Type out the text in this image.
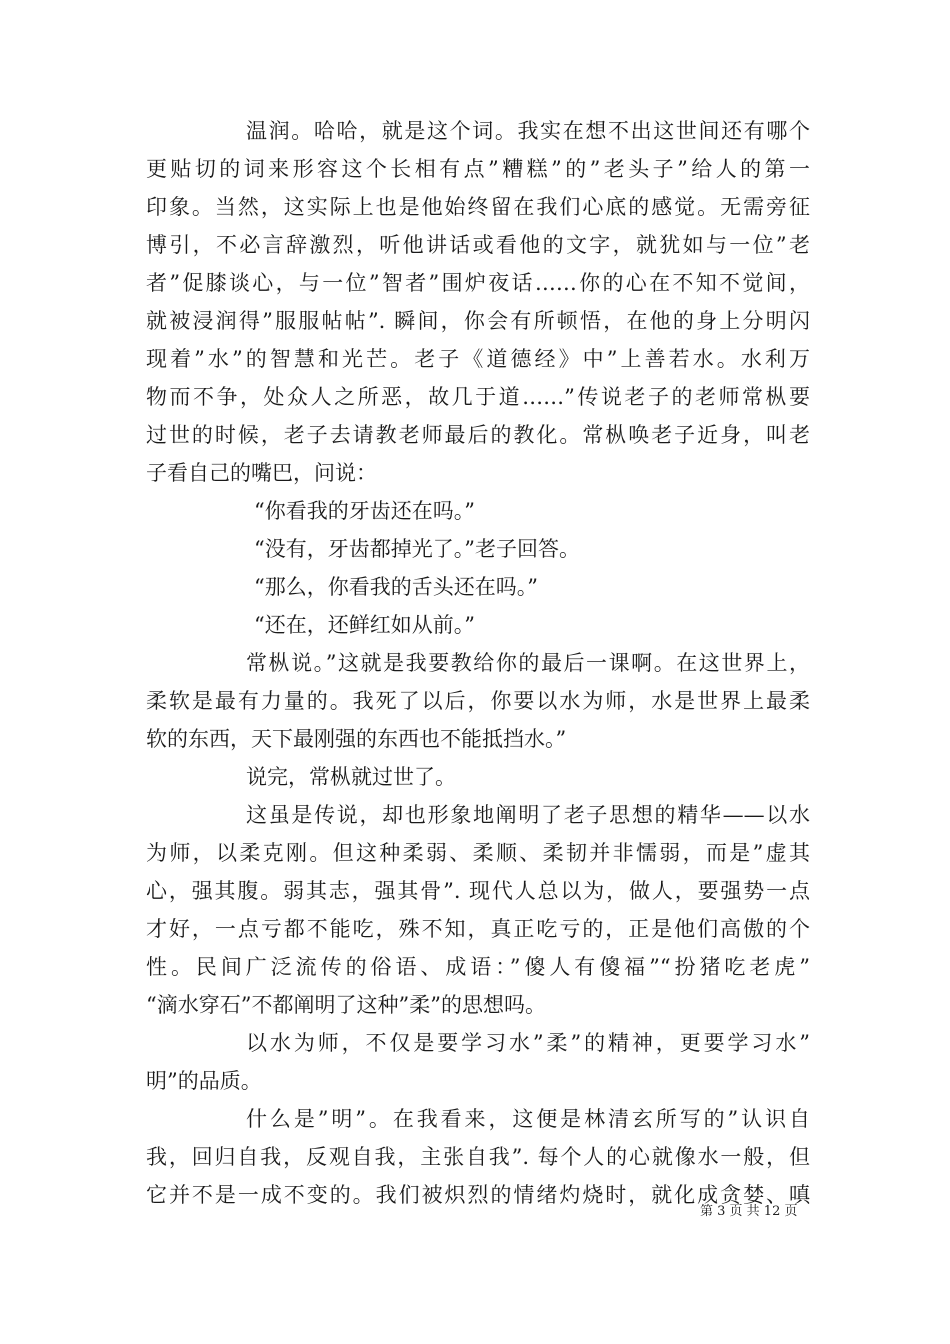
温润。哈哈，就是这个词。我实在想不出这世间还有哪个
更贴切的词来形容这个长相有点”糟糕”的”老头子”给人的第一
印象。当然，这实际上也是他始终留在我们心底的感觉。无需旁征
博引，不必言辞激烈，听他讲话或看他的文字，就犹如与一位”老
者”促膝谈心，与一位”智者”围炉夜话……你的心在不知不觉间，
就被浸润得”服服帖帖”. 瞬间，你会有所顿悟，在他的身上分明闪
现着”水”的智慧和光芒。老子《道德经》中”上善若水。水利万
物而不争，处众人之所恶，故几于道……”传说老子的老师常枞要
过世的时候，老子去请教老师最后的教化。常枞唤老子近身，叫老
子看自己的嘴巴，问说：
“你看我的牙齿还在吗。”
“没有，牙齿都掉光了。”老子回答。
“那么，你看我的舌头还在吗。”
“还在，还鲜红如从前。”
常枞说。”这就是我要教给你的最后一课啊。在这世界上，
柔软是最有力量的。我死了以后，你要以水为师，水是世界上最柔
软的东西，天下最刚强的东西也不能抵挡水。”
说完，常枞就过世了。
这虽是传说，却也形象地阐明了老子思想的精华——以水
为师，以柔克刚。但这种柔弱、柔顺、柔韧并非懦弱，而是”虚其
心，强其腹。弱其志，强其骨”. 现代人总以为，做人，要强势一点
才好，一点亏都不能吃，殊不知，真正吃亏的，正是他们高傲的个
性。民间广泛流传的俗语、成语：”傻人有傻福”“扮猪吃老虎”
“滴水穿石”不都阐明了这种”柔”的思想吗。
以水为师，不仅是要学习水”柔”的精神，更要学习水”
明”的品质。
什么是”明”。在我看来，这便是林清玄所写的”认识自
我，回归自我，反观自我，主张自我”. 每个人的心就像水一般，但
它并不是一成不变的。我们被炽烈的情绪灼烧时，就化成贪婪、嗔
第 3 页 共 12 页
